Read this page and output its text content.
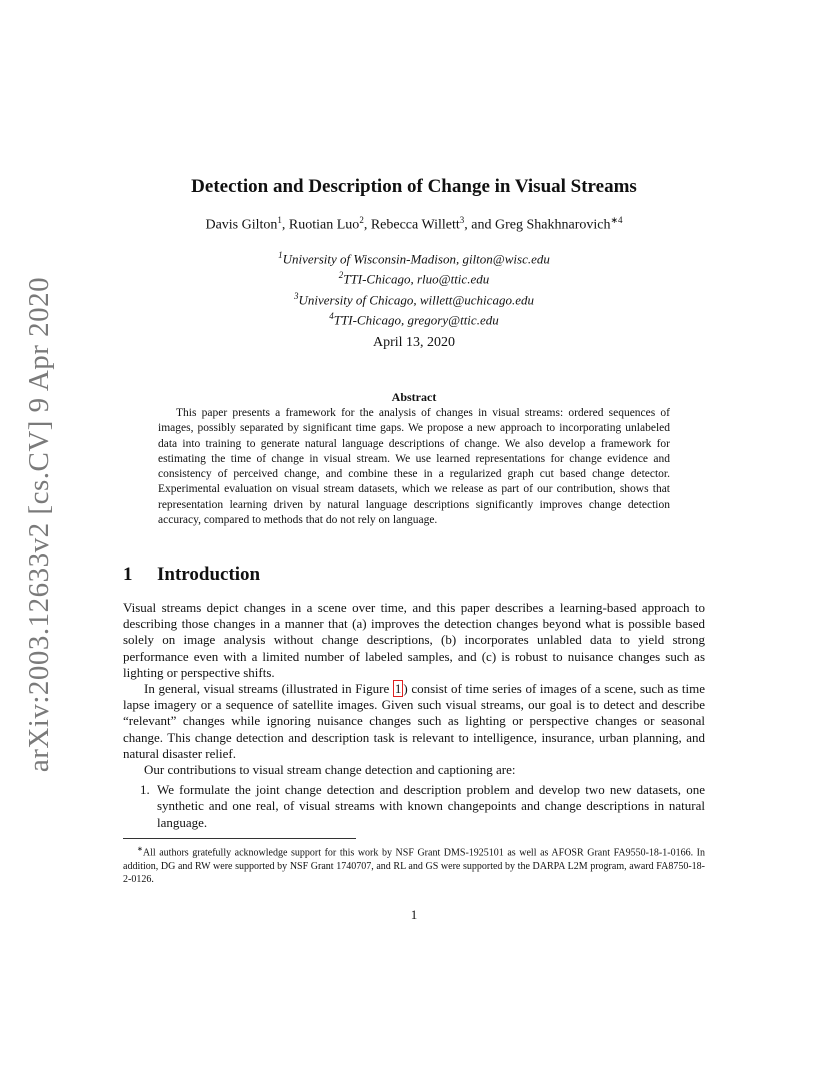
arXiv:2003.12633v2 [cs.CV] 9 Apr 2020
Detection and Description of Change in Visual Streams
Davis Gilton$^1$, Ruotian Luo$^2$, Rebecca Willett$^3$, and Greg Shakhnarovich$^{∗4}$
$^1$University of Wisconsin-Madison, gilton@wisc.edu
$^2$TTI-Chicago, rluo@ttic.edu
$^3$University of Chicago, willett@uchicago.edu
$^4$TTI-Chicago, gregory@ttic.edu
April 13, 2020
Abstract

This paper presents a framework for the analysis of changes in visual streams: ordered sequences of images, possibly separated by significant time gaps. We propose a new approach to incorporating unlabeled data into training to generate natural language descriptions of change. We also develop a framework for estimating the time of change in visual stream. We use learned representations for change evidence and consistency of perceived change, and combine these in a regularized graph cut based change detector. Experimental evaluation on visual stream datasets, which we release as part of our contribution, shows that representation learning driven by natural language descriptions significantly improves change detection accuracy, compared to methods that do not rely on language.

1 Introduction

Visual streams depict changes in a scene over time, and this paper describes a learning-based approach to describing those changes in a manner that (a) improves the detection changes beyond what is possible based solely on image analysis without change descriptions, (b) incorporates unlabled data to yield strong performance even with a limited number of labeled samples, and (c) is robust to nuisance changes such as lighting or perspective shifts.

In general, visual streams (illustrated in Figure 1 ) consist of time series of images of a scene, such as time lapse imagery or a sequence of satellite images. Given such visual streams, our goal is to detect and describe “relevant” changes while ignoring nuisance changes such as lighting or perspective changes or seasonal change. This change detection and description task is relevant to intelligence, insurance, urban planning, and natural disaster relief.

Our contributions to visual stream change detection and captioning are:

1. We formulate the joint change detection and description problem and develop two new datasets, one synthetic and one real, of visual streams with known changepoints and change descriptions in natural language.

∗All authors gratefully acknowledge support for this work by NSF Grant DMS-1925101 as well as AFOSR Grant FA9550-18-1-0166. In addition, DG and RW were supported by NSF Grant 1740707, and RL and GS were supported by the DARPA L2M program, award FA8750-18-2-0126.

1
